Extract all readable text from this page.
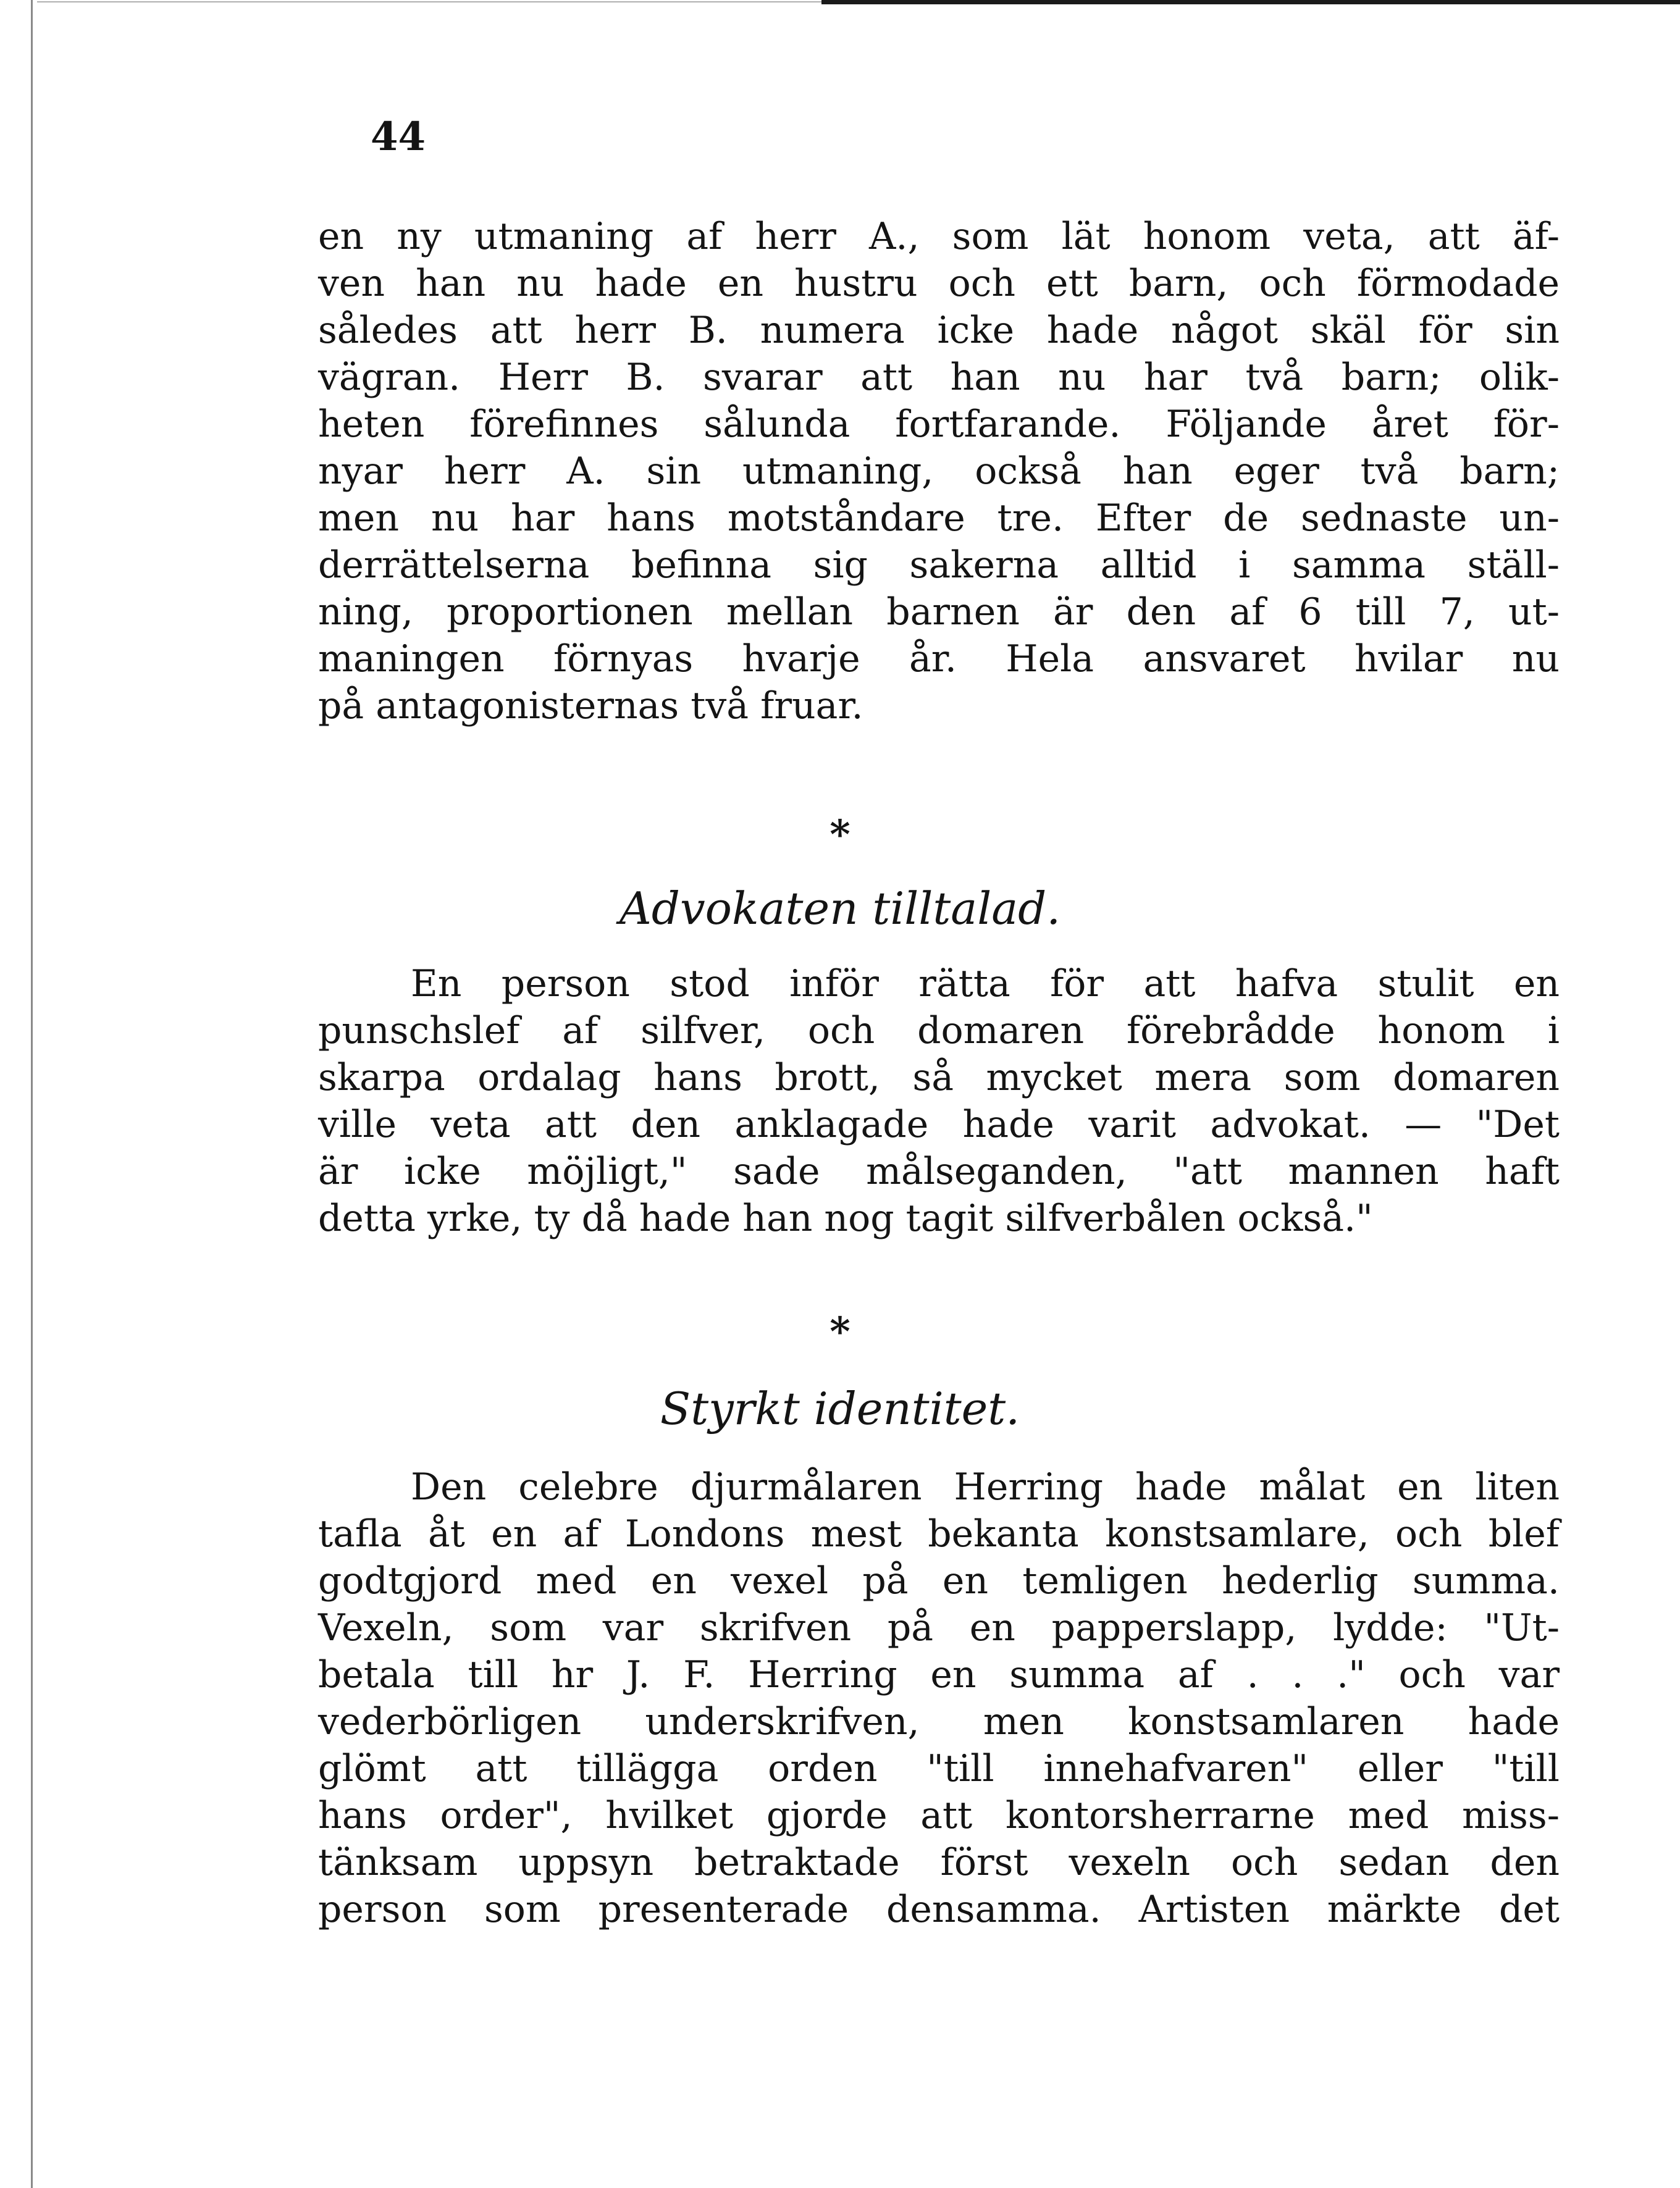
44
en ny utmaning af herr A., som lät honom veta, att äf-
ven han nu hade en hustru och ett barn, och förmodade
således att herr B. numera icke hade något skäl för sin
vägran. Herr B. svarar att han nu har två barn; olik-
heten förefinnes sålunda fortfarande. Följande året för-
nyar herr A. sin utmaning, också han eger två barn;
men nu har hans motståndare tre. Efter de sednaste un-
derrättelserna befinna sig sakerna alltid i samma ställ-
ning, proportionen mellan barnen är den af 6 till 7, ut-
maningen förnyas hvarje år. Hela ansvaret hvilar nu
på antagonisternas två fruar.
*
Advokaten tilltalad.
En person stod inför rätta för att hafva stulit en
punschslef af silfver, och domaren förebrådde honom i
skarpa ordalag hans brott, så mycket mera som domaren
ville veta att den anklagade hade varit advokat. — "Det
är icke möjligt," sade målseganden, "att mannen haft
detta yrke, ty då hade han nog tagit silfverbålen också."
*
Styrkt identitet.
Den celebre djurmålaren Herring hade målat en liten
tafla åt en af Londons mest bekanta konstsamlare, och blef
godtgjord med en vexel på en temligen hederlig summa.
Vexeln, som var skrifven på en papperslapp, lydde: "Ut-
betala till hr J. F. Herring en summa af . . ." och var
vederbörligen underskrifven, men konstsamlaren hade
glömt att tillägga orden "till innehafvaren" eller "till
hans order", hvilket gjorde att kontorsherrarne med miss-
tänksam uppsyn betraktade först vexeln och sedan den
person som presenterade densamma. Artisten märkte det
